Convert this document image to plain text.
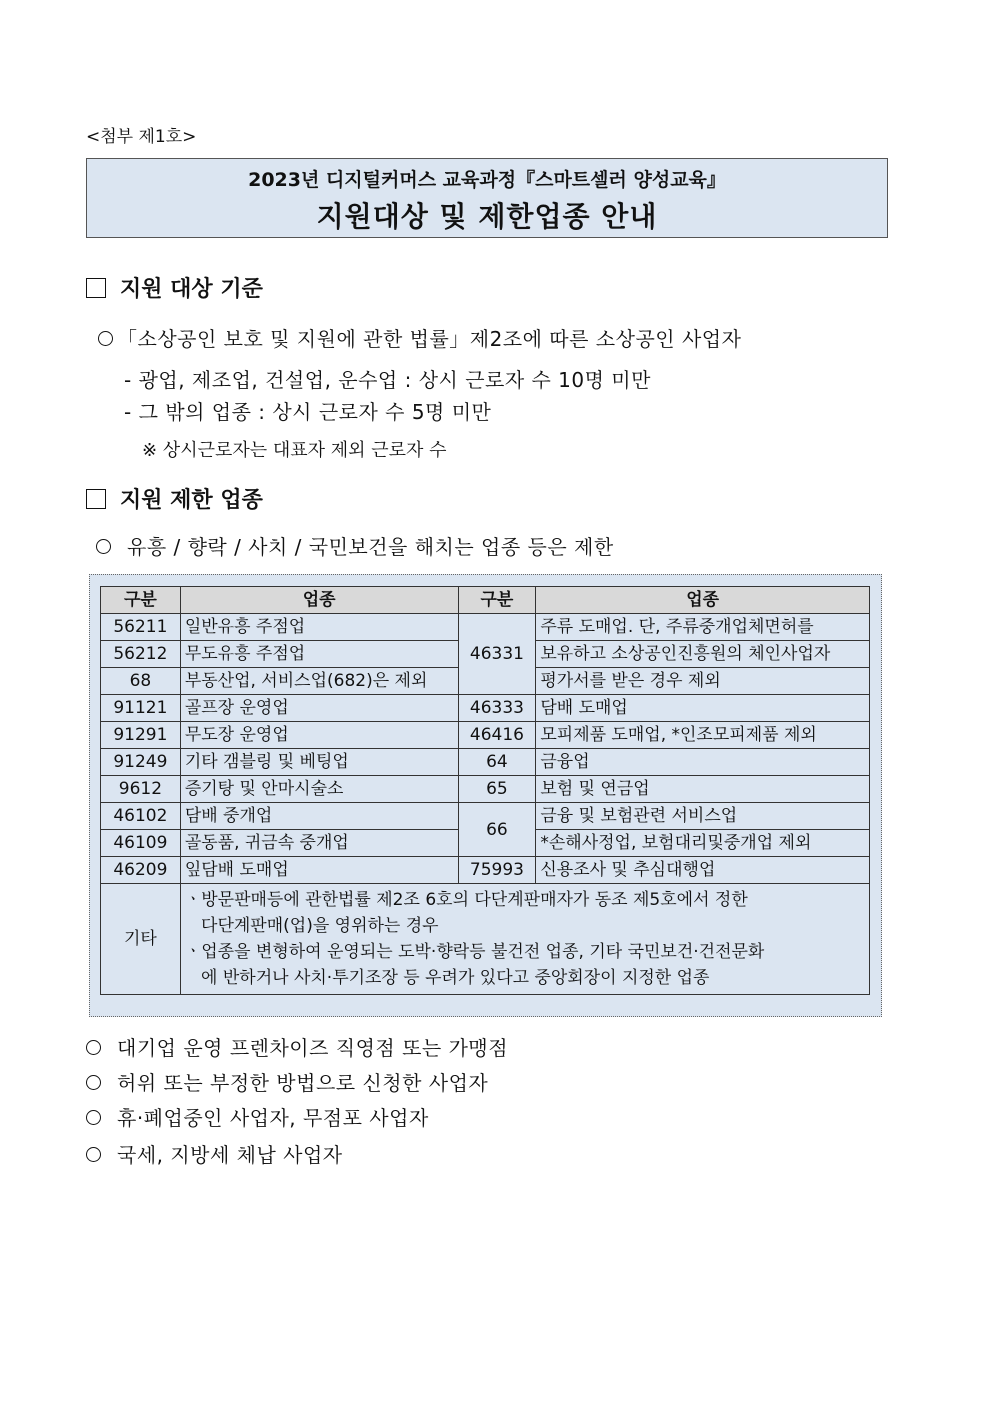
<첨부 제1호>
2023년 디지털커머스 교육과정『스마트셀러 양성교육』
지원대상 및 제한업종 안내
지원 대상 기준
「소상공인 보호 및 지원에 관한 법률」제2조에 따른 소상공인 사업자
- 광업, 제조업, 건설업, 운수업 : 상시 근로자 수 10명 미만
- 그 밖의 업종 : 상시 근로자 수 5명 미만
※ 상시근로자는 대표자 제외 근로자 수
지원 제한 업종
유흥 / 향락 / 사치 / 국민보건을 해치는 업종 등은 제한
구분	업종	구분	업종
56211	일반유흥 주점업	46331	주류 도매업. 단, 주류중개업체면허를
56212	무도유흥 주점업		보유하고 소상공인진흥원의 체인사업자
68	부동산업, 서비스업(682)은 제외		평가서를 받은 경우 제외
91121	골프장 운영업	46333	담배 도매업
91291	무도장 운영업	46416	모피제품 도매업, *인조모피제품 제외
91249	기타 갬블링 및 베팅업	64	금융업
9612	증기탕 및 안마시술소	65	보험 및 연금업
46102	담배 중개업	66	금융 및 보험관련 서비스업
46109	골동품, 귀금속 중개업		*손해사정업, 보험대리및중개업 제외
46209	잎담배 도매업	75993	신용조사 및 추심대행업
기타	ㆍ방문판매등에 관한법률 제2조 6호의 다단계판매자가 동조 제5호에서 정한
다단계판매(업)을 영위하는 경우
ㆍ업종을 변형하여 운영되는 도박·향락등 불건전 업종, 기타 국민보건·건전문화
에 반하거나 사치·투기조장 등 우려가 있다고 중앙회장이 지정한 업종		
대기업 운영 프렌차이즈 직영점 또는 가맹점
허위 또는 부정한 방법으로 신청한 사업자
휴·폐업중인 사업자, 무점포 사업자
국세, 지방세 체납 사업자
